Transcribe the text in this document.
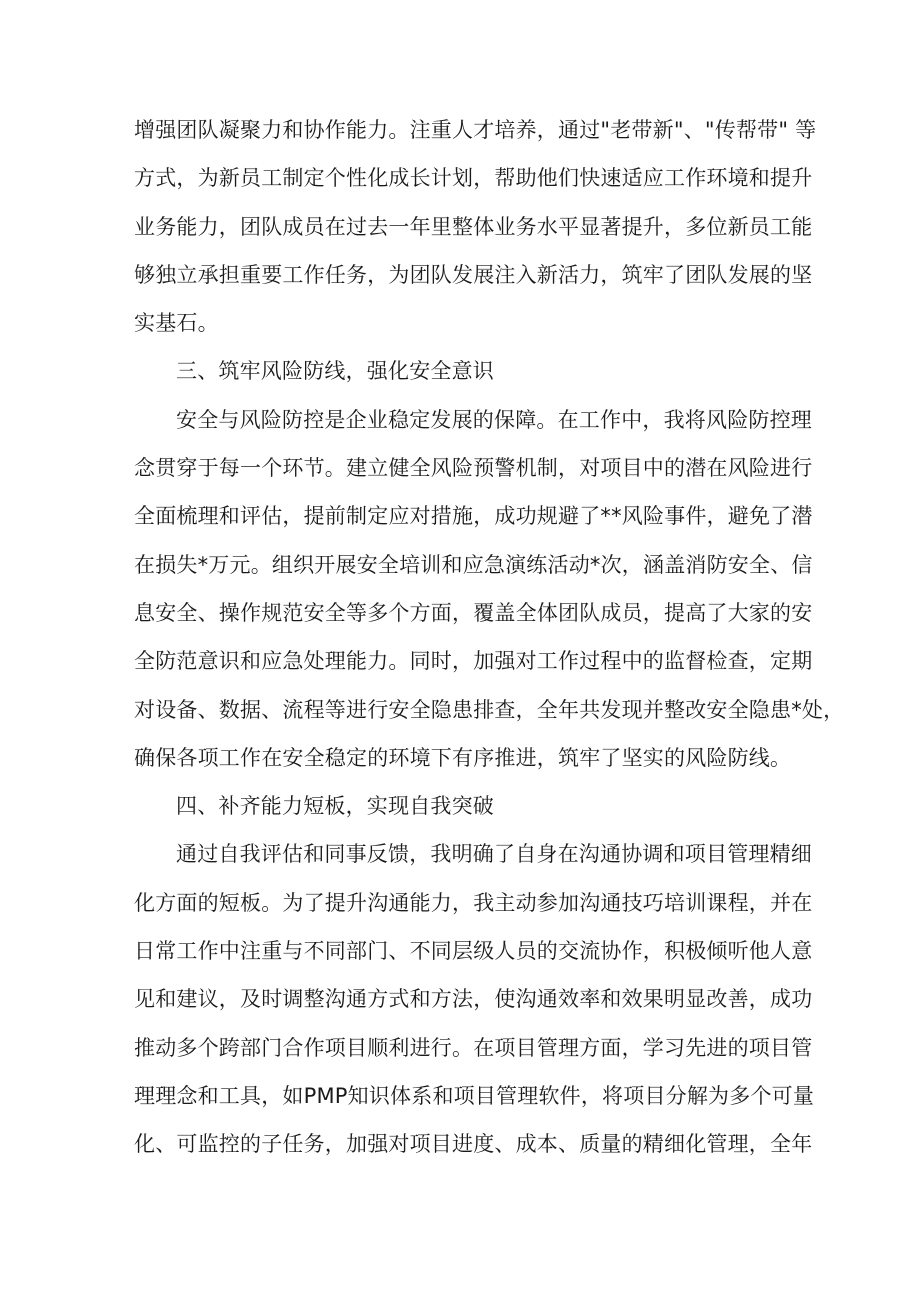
增强团队凝聚力和协作能力。注重人才培养，通过"老带新"、"传帮带" 等
方式，为新员工制定个性化成长计划，帮助他们快速适应工作环境和提升
业务能力，团队成员在过去一年里整体业务水平显著提升，多位新员工能
够独立承担重要工作任务，为团队发展注入新活力，筑牢了团队发展的坚
实基石。

三、筑牢风险防线，强化安全意识

安全与风险防控是企业稳定发展的保障。在工作中，我将风险防控理
念贯穿于每一个环节。建立健全风险预警机制，对项目中的潜在风险进行
全面梳理和评估，提前制定应对措施，成功规避了**风险事件，避免了潜
在损失*万元。组织开展安全培训和应急演练活动*次，涵盖消防安全、信
息安全、操作规范安全等多个方面，覆盖全体团队成员，提高了大家的安
全防范意识和应急处理能力。同时，加强对工作过程中的监督检查，定期
对设备、数据、流程等进行安全隐患排查，全年共发现并整改安全隐患*处，
确保各项工作在安全稳定的环境下有序推进，筑牢了坚实的风险防线。

四、补齐能力短板，实现自我突破

通过自我评估和同事反馈，我明确了自身在沟通协调和项目管理精细
化方面的短板。为了提升沟通能力，我主动参加沟通技巧培训课程，并在
日常工作中注重与不同部门、不同层级人员的交流协作，积极倾听他人意
见和建议，及时调整沟通方式和方法，使沟通效率和效果明显改善，成功
推动多个跨部门合作项目顺利进行。在项目管理方面，学习先进的项目管
理理念和工具，如PMP知识体系和项目管理软件，将项目分解为多个可量
化、可监控的子任务，加强对项目进度、成本、质量的精细化管理，全年
